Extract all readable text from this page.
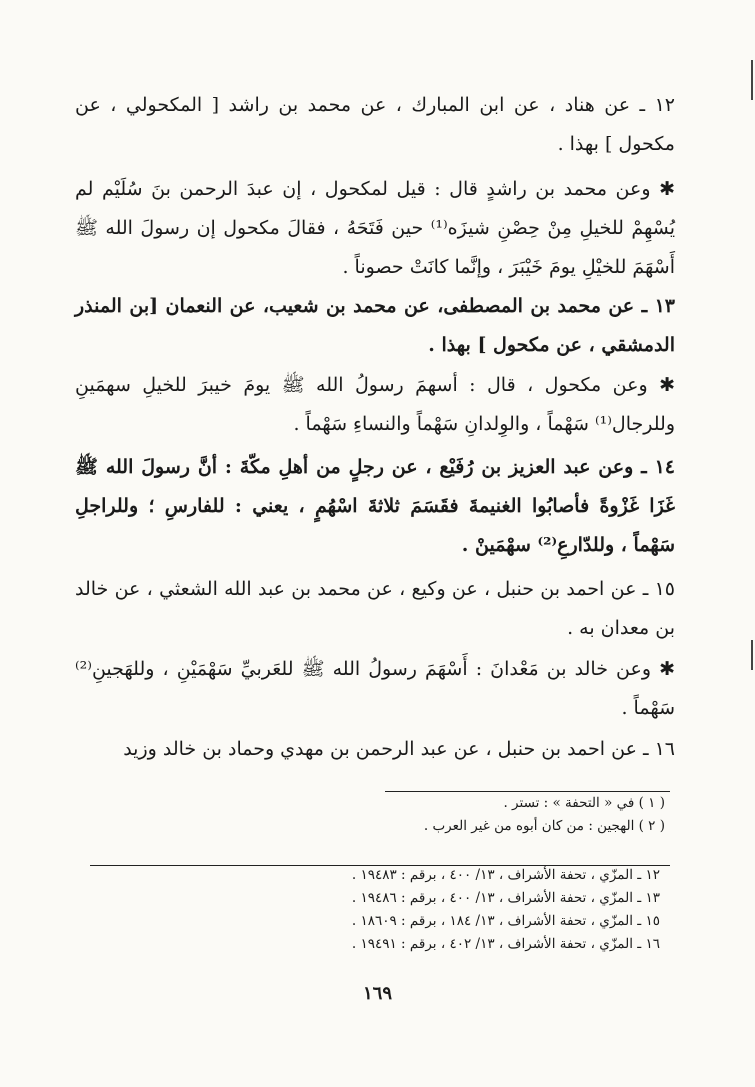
١٢ ـ عن هناد ، عن ابن المبارك ، عن محمد بن راشد [ المكحولي ، عن مكحول ] بهذا .

✱ وعن محمد بن راشدٍ قال : قيل لمكحول ، إن عبدَ الرحمن بنَ سُلَيْم لم يُسْهِمْ للخيلِ مِنْ حِصْنِ شيزَه⁽¹⁾ حين فَتَحَهُ ، فقالَ مكحول إن رسولَ الله ﷺ أَسْهَمَ للخيْلِ يومَ خَيْبَرَ ، وإنَّما كانَتْ حصوناً .

١٣ ـ عن محمد بن المصطفى، عن محمد بن شعيب، عن النعمان [بن المنذر الدمشقي ، عن مكحول ] بهذا .

✱ وعن مكحول ، قال : أسهمَ رسولُ الله ﷺ يومَ خيبرَ للخيلِ سهمَينِ وللرجال⁽¹⁾ سَهْماً ، والوِلدانِ سَهْماً والنساءِ سَهْماً .

١٤ ـ وعن عبد العزيز بن رُفَيْع ، عن رجلٍ من أهلِ مكّةَ : أنَّ رسولَ الله ﷺ غَزَا غَزْوةً فأصابُوا الغنيمةَ فقَسَمَ ثلاثةَ اسْهُمٍ ، يعني : للفارسِ ؛ وللراجلِ سَهْماً ، وللدّارعِ⁽²⁾ سهْمَينْ .

١٥ ـ عن احمد بن حنبل ، عن وكيع ، عن محمد بن عبد الله الشعثي ، عن خالد بن معدان به .

✱ وعن خالد بن مَعْدانَ : أَسْهَمَ رسولُ الله ﷺ للعَربيِّ سَهْمَيْنِ ، وللهَجينِ⁽²⁾ سَهْماً .

١٦ ـ عن احمد بن حنبل ، عن عبد الرحمن بن مهدي وحماد بن خالد وزيد

( ١ ) في « التحفة » : تستر .

( ٢ ) الهجين : من كان أبوه من غير العرب .

١٢ ـ المزّي ، تحفة الأشراف ، ١٣/ ٤٠٠ ، برقم : ١٩٤٨٣ .

١٣ ـ المزّي ، تحفة الأشراف ، ١٣/ ٤٠٠ ، برقم : ١٩٤٨٦ .

١٥ ـ المزّي ، تحفة الأشراف ، ١٣/ ١٨٤ ، برقم : ١٨٦٠٩ .

١٦ ـ المزّي ، تحفة الأشراف ، ١٣/ ٤٠٢ ، برقم : ١٩٤٩١ .

١٦٩
